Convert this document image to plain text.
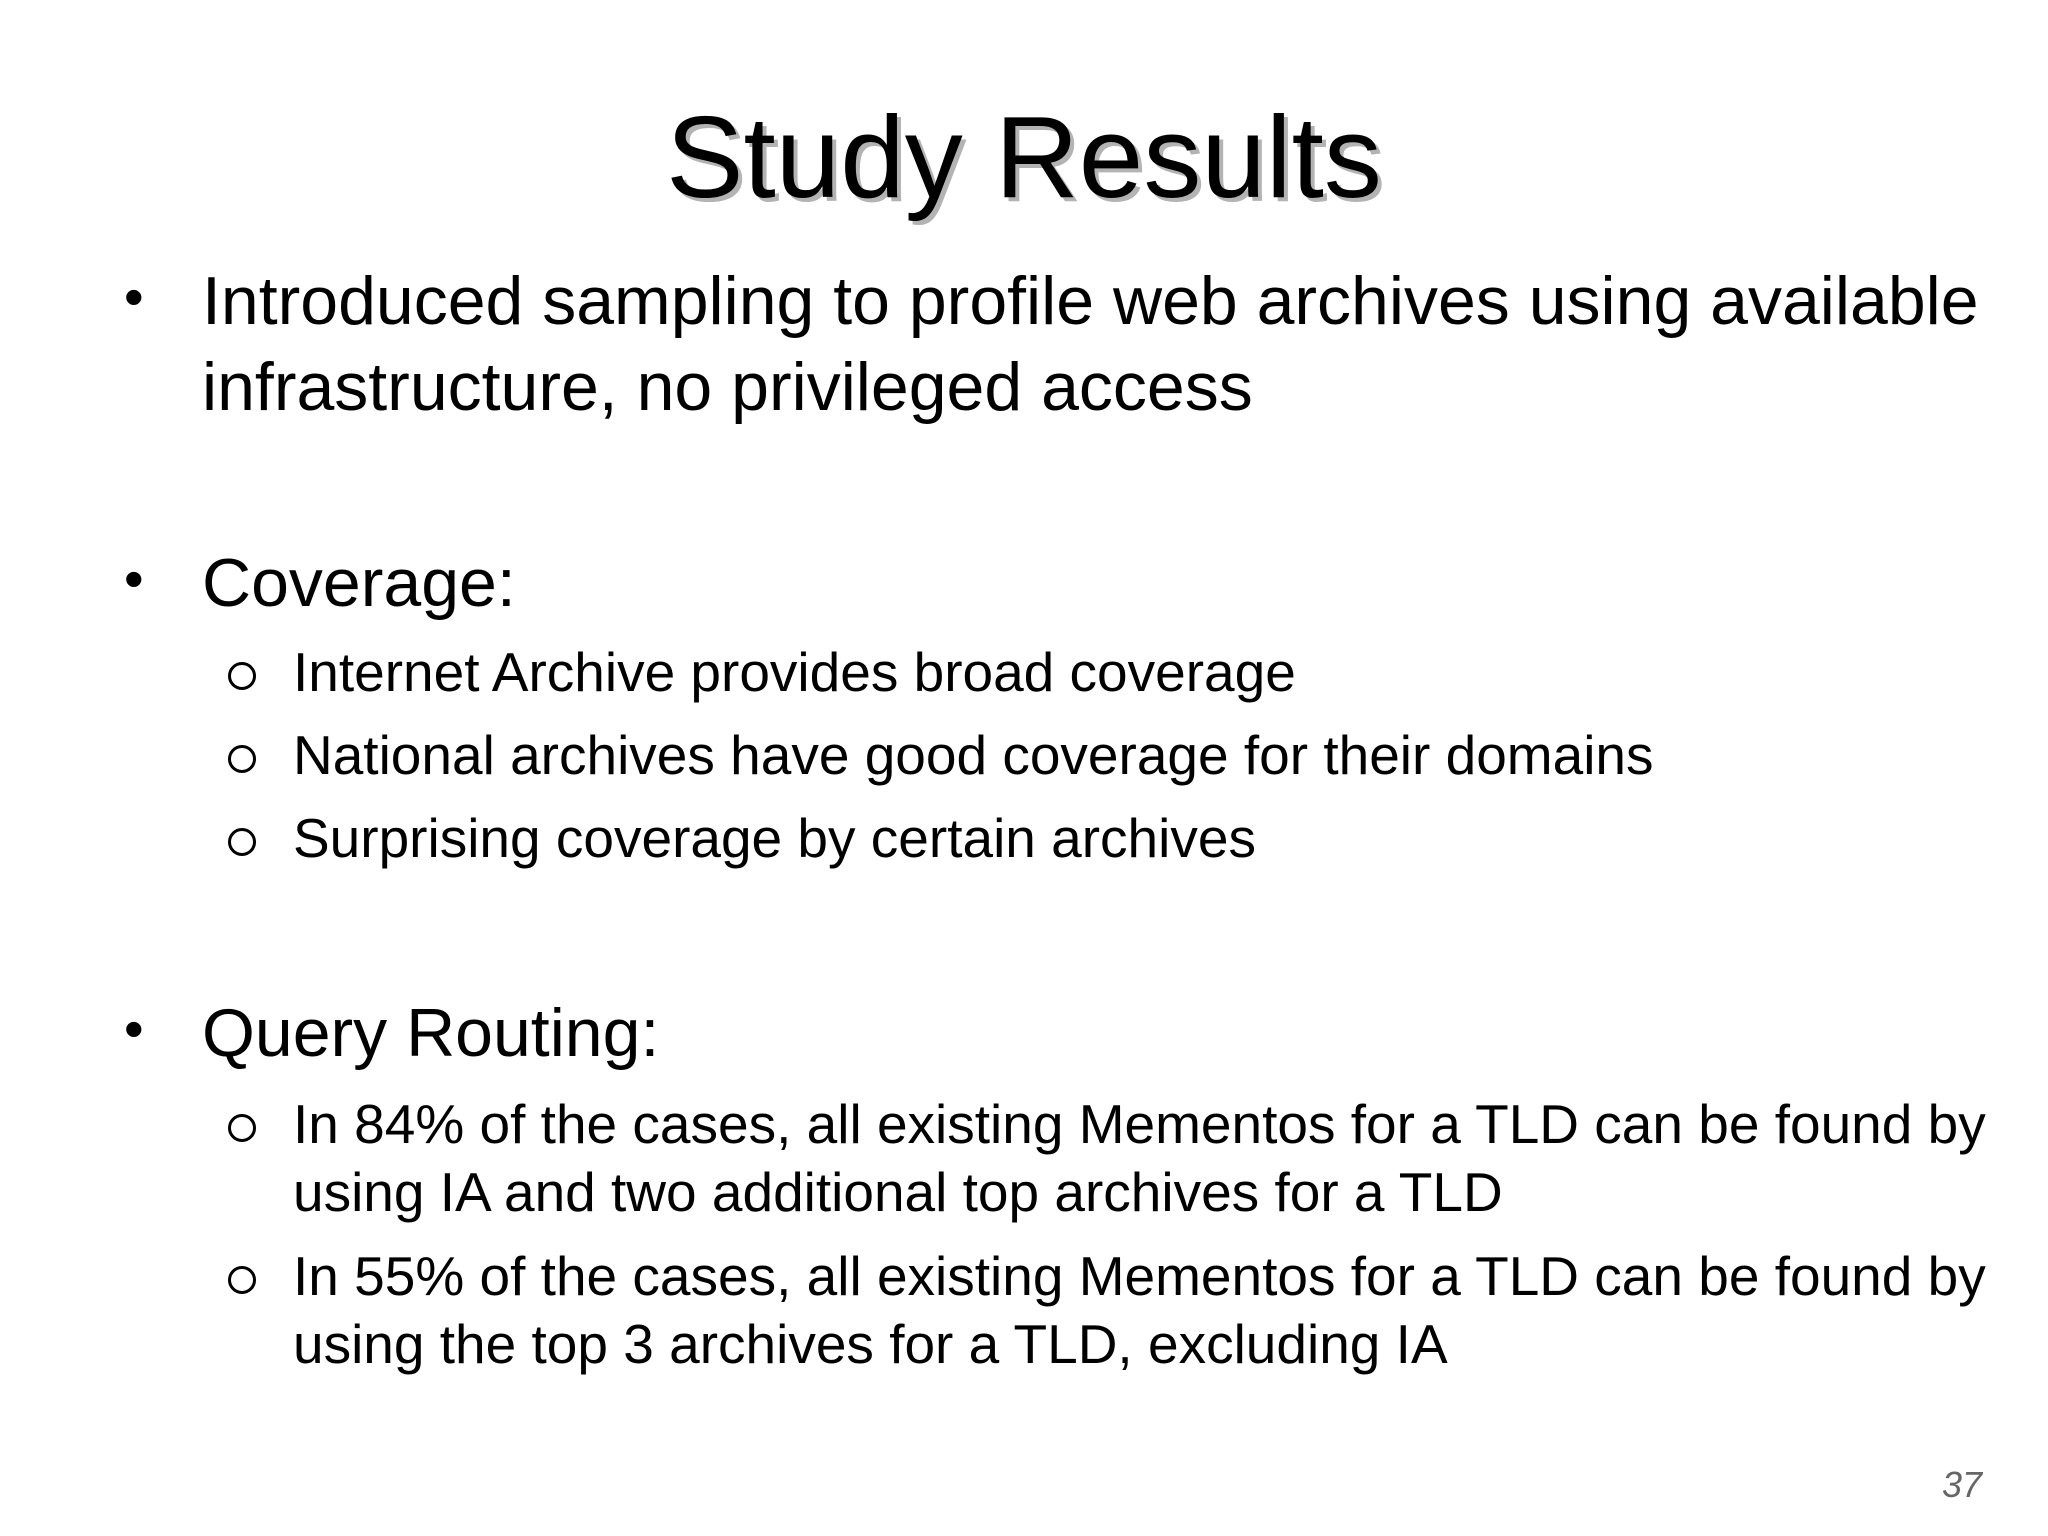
Study Results
• Introduced sampling to profile web archives using available infrastructure, no privileged access
• Coverage:
Internet Archive provides broad coverage
National archives have good coverage for their domains
Surprising coverage by certain archives
• Query Routing:
In 84% of the cases, all existing Mementos for a TLD can be found by using IA and two additional top archives for a TLD
In 55% of the cases, all existing Mementos for a TLD can be found by using the top 3 archives for a TLD, excluding IA
37
